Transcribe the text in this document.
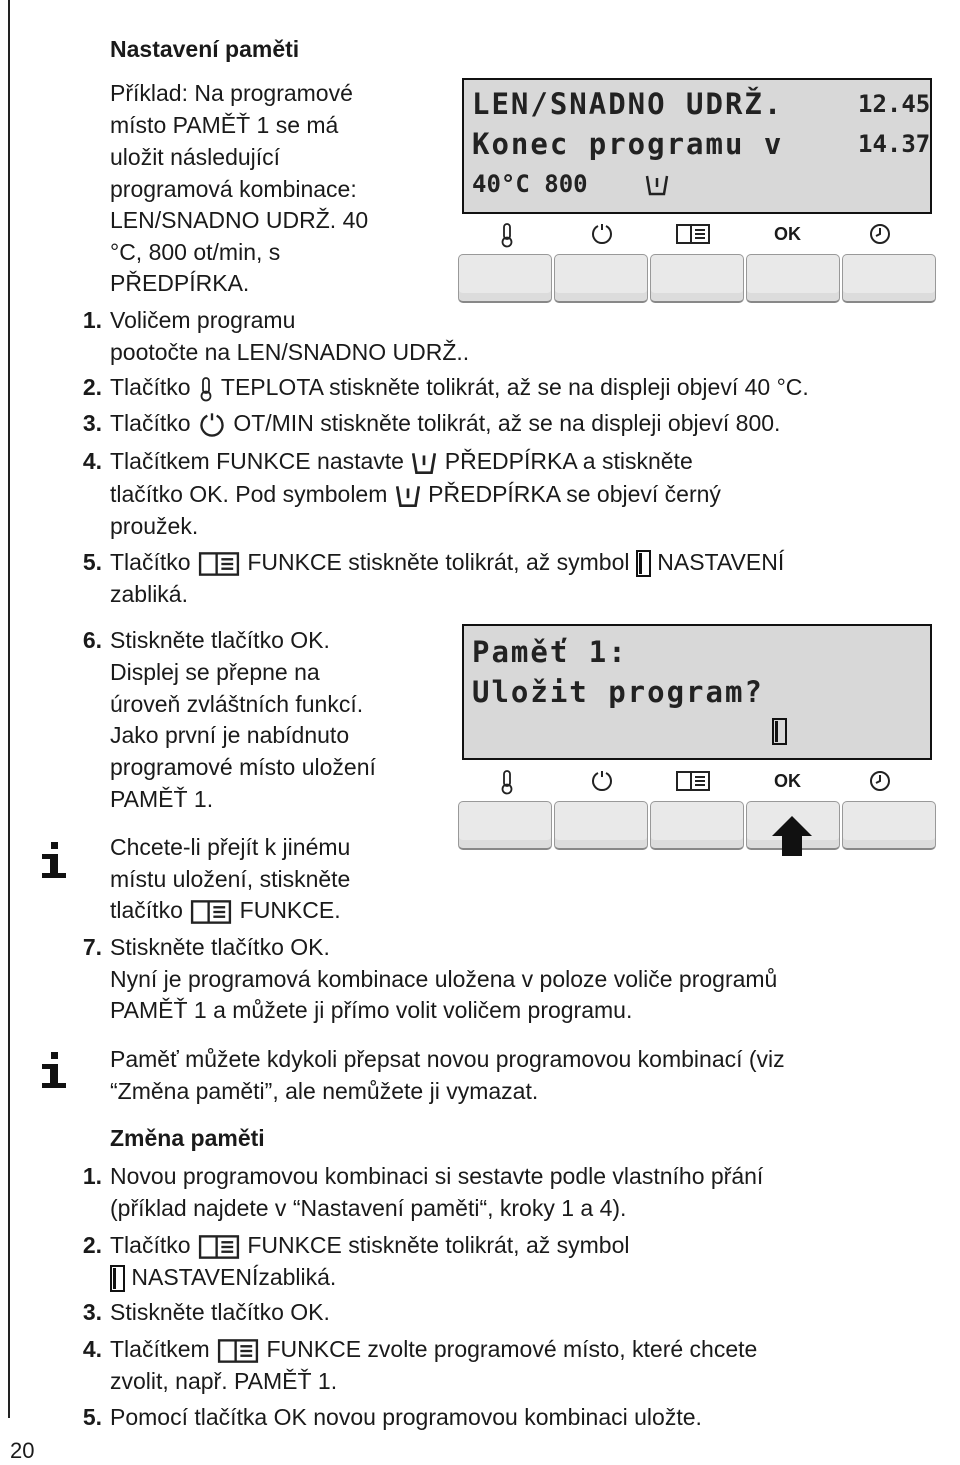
20
Nastavení paměti
Příklad: Na programové
místo PAMĚŤ 1 se má
uložit následující
programová kombinace:
LEN/SNADNO UDRŽ. 40
°C, 800 ot/min, s
PŘEDPÍRKA.
LEN/SNADNO UDRŽ.	12.45
Konec programu v	14.37
40°C 800
OK
1. Voličem programu
pootočte na LEN/SNADNO UDRŽ..
2. Tlačítko TEPLOTA stiskněte tolikrát, až se na displeji objeví 40 °C.
3. Tlačítko OT/MIN stiskněte tolikrát, až se na displeji objeví 800.
4. Tlačítkem FUNKCE nastavte PŘEDPÍRKA a stiskněte
tlačítko OK. Pod symbolem PŘEDPÍRKA se objeví černý
proužek.
5. Tlačítko FUNKCE stiskněte tolikrát, až symbol NASTAVENÍ
zabliká.
6. Stiskněte tlačítko OK.
Displej se přepne na
úroveň zvláštních funkcí.
Jako první je nabídnuto
programové místo uložení
PAMĚŤ 1.
Paměť 1:
Uložit program?
OK
Chcete-li přejít k jinému
místu uložení, stiskněte
tlačítko FUNKCE.
7. Stiskněte tlačítko OK.
Nyní je programová kombinace uložena v poloze voliče programů
PAMĚŤ 1 a můžete ji přímo volit voličem programu.
Paměť můžete kdykoli přepsat novou programovou kombinací (viz
“Změna paměti”, ale nemůžete ji vymazat.
Změna paměti
1. Novou programovou kombinaci si sestavte podle vlastního přání
(příklad najdete v “Nastavení paměti“, kroky 1 a 4).
2. Tlačítko FUNKCE stiskněte tolikrát, až symbol
NASTAVENÍzabliká.
3. Stiskněte tlačítko OK.
4. Tlačítkem FUNKCE zvolte programové místo, které chcete
zvolit, např. PAMĚŤ 1.
5. Pomocí tlačítka OK novou programovou kombinaci uložte.
